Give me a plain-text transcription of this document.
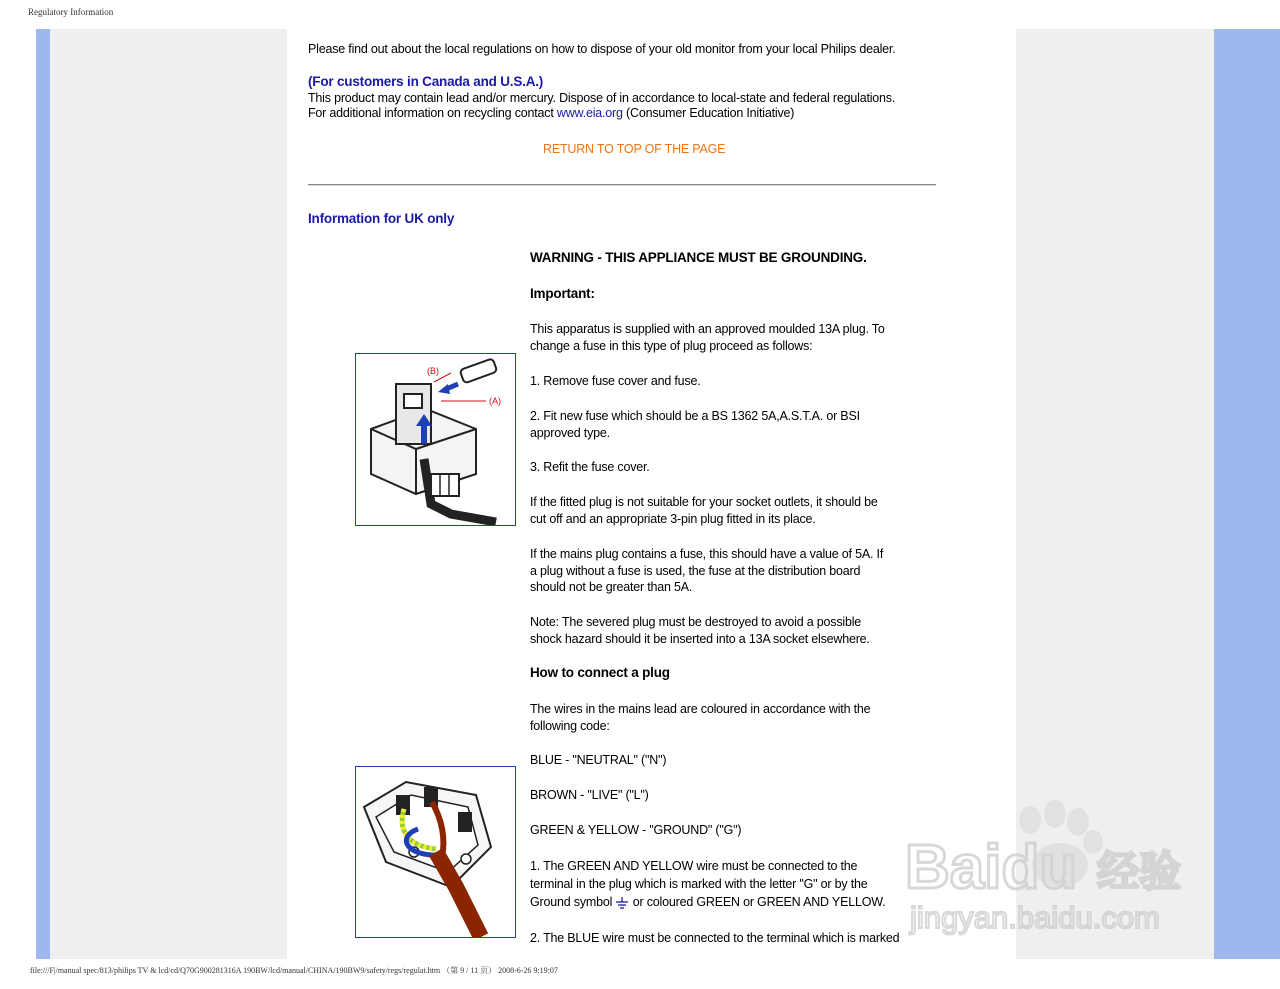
Regulatory Information
Please find out about the local regulations on how to dispose of your old monitor from your local Philips dealer.
(For customers in Canada and U.S.A.)
This product may contain lead and/or mercury. Dispose of in accordance to local-state and federal regulations.
For additional information on recycling contact www.eia.org (Consumer Education Initiative)
RETURN TO TOP OF THE PAGE
Information for UK only
WARNING - THIS APPLIANCE MUST BE GROUNDING.
Important:
This apparatus is supplied with an approved moulded 13A plug. To change a fuse in this type of plug proceed as follows:
1. Remove fuse cover and fuse.
2. Fit new fuse which should be a BS 1362 5A,A.S.T.A. or BSI approved type.
3. Refit the fuse cover.
If the fitted plug is not suitable for your socket outlets, it should be cut off and an appropriate 3-pin plug fitted in its place.
If the mains plug contains a fuse, this should have a value of 5A. If a plug without a fuse is used, the fuse at the distribution board should not be greater than 5A.
Note: The severed plug must be destroyed to avoid a possible shock hazard should it be inserted into a 13A socket elsewhere.
How to connect a plug
The wires in the mains lead are coloured in accordance with the following code:
BLUE - "NEUTRAL" ("N")
BROWN - "LIVE" ("L")
GREEN & YELLOW - "GROUND" ("G")
1. The GREEN AND YELLOW wire must be connected to the terminal in the plug which is marked with the letter "G" or by the Ground symbol or coloured GREEN or GREEN AND YELLOW.
2. The BLUE wire must be connected to the terminal which is marked
(B)
(A)
Baidu 经验
jingyan.baidu.com
file:///F|/manual spec/813/philips TV & lcd/cd/Q70G900281316A 190BW/lcd/manual/CHINA/190BW9/safety/regs/regulat.htm （第 9 / 11 页） 2008-6-26 9:19:07
